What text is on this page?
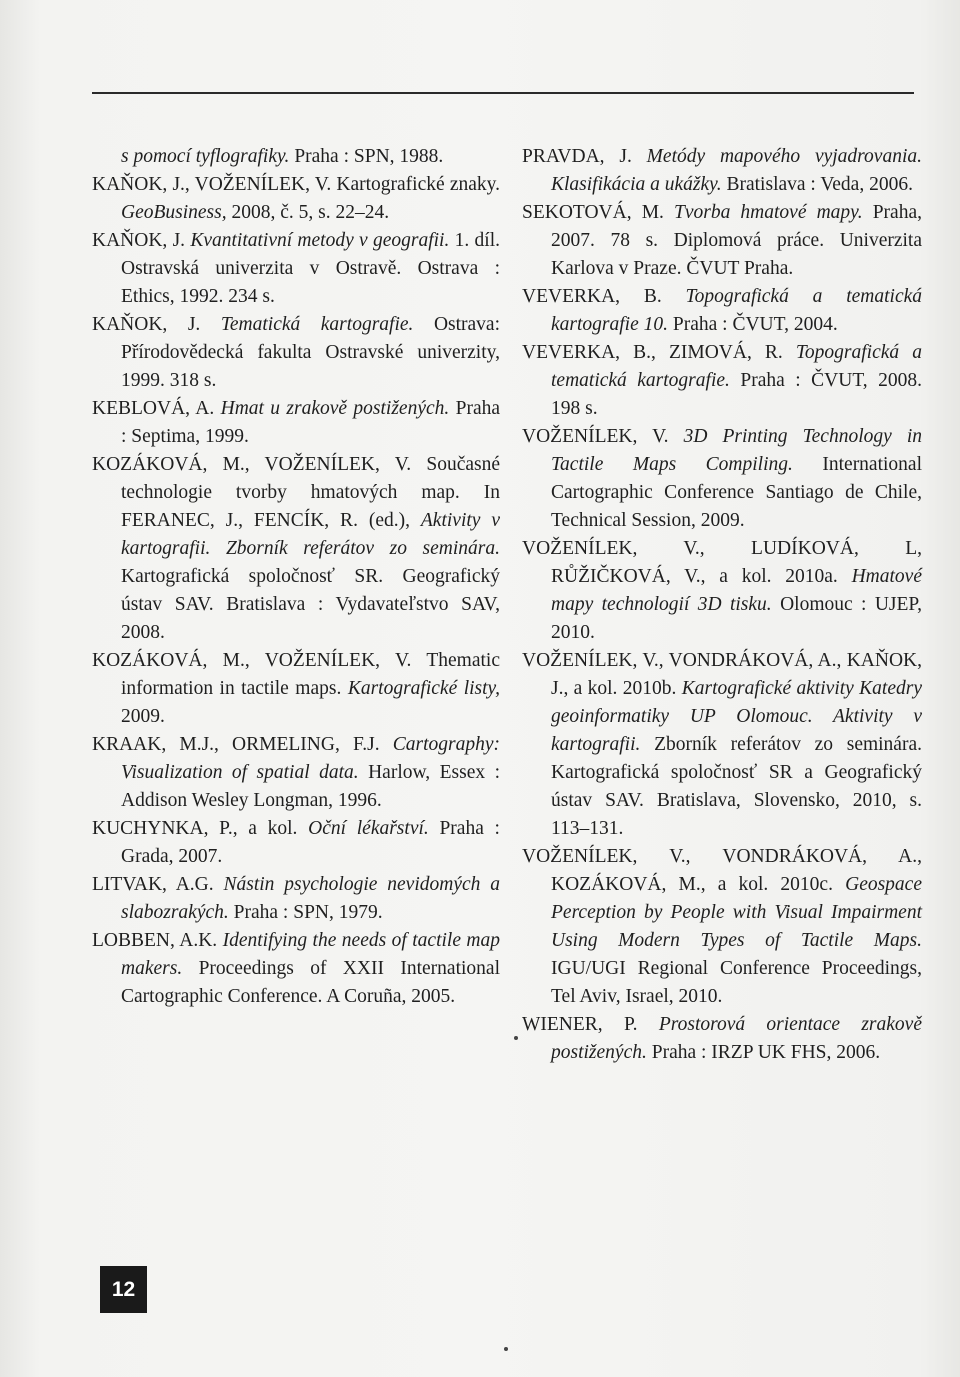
s pomocí tyflografiky. Praha : SPN, 1988.

KAŇOK, J., VOŽENÍLEK, V. Kartografické znaky. GeoBusiness, 2008, č. 5, s. 22–24.

KAŇOK, J. Kvantitativní metody v geografii. 1. díl. Ostravská univerzita v Ostravě. Ostrava : Ethics, 1992. 234 s.

KAŇOK, J. Tematická kartografie. Ostrava: Přírodovědecká fakulta Ostravské univerzity, 1999. 318 s.

KEBLOVÁ, A. Hmat u zrakově postižených. Praha : Septima, 1999.

KOZÁKOVÁ, M., VOŽENÍLEK, V. Současné technologie tvorby hmatových map. In FERANEC, J., FENCÍK, R. (ed.), Aktivity v kartografii. Zborník referátov zo seminára. Kartografická spoločnosť SR. Geografický ústav SAV. Bratislava : Vydavateľstvo SAV, 2008.

KOZÁKOVÁ, M., VOŽENÍLEK, V. Thematic information in tactile maps. Kartografické listy, 2009.

KRAAK, M.J., ORMELING, F.J. Cartography: Visualization of spatial data. Harlow, Essex : Addison Wesley Longman, 1996.

KUCHYNKA, P., a kol. Oční lékařství. Praha : Grada, 2007.

LITVAK, A.G. Nástin psychologie nevidomých a slabozrakých. Praha : SPN, 1979.

LOBBEN, A.K. Identifying the needs of tactile map makers. Proceedings of XXII International Cartographic Conference. A Coruña, 2005.

PRAVDA, J. Metódy mapového vyjadrovania. Klasifikácia a ukážky. Bratislava : Veda, 2006.

SEKOTOVÁ, M. Tvorba hmatové mapy. Praha, 2007. 78 s. Diplomová práce. Univerzita Karlova v Praze. ČVUT Praha.

VEVERKA, B. Topografická a tematická kartografie 10. Praha : ČVUT, 2004.

VEVERKA, B., ZIMOVÁ, R. Topografická a tematická kartografie. Praha : ČVUT, 2008. 198 s.

VOŽENÍLEK, V. 3D Printing Technology in Tactile Maps Compiling. International Cartographic Conference Santiago de Chile, Technical Session, 2009.

VOŽENÍLEK, V., LUDÍKOVÁ, L, RŮŽIČKOVÁ, V., a kol. 2010a. Hmatové mapy technologií 3D tisku. Olomouc : UJEP, 2010.

VOŽENÍLEK, V., VONDRÁKOVÁ, A., KAŇOK, J., a kol. 2010b. Kartografické aktivity Katedry geoinformatiky UP Olomouc. Aktivity v kartografii. Zborník referátov zo seminára. Kartografická spoločnosť SR a Geografický ústav SAV. Bratislava, Slovensko, 2010, s. 113–131.

VOŽENÍLEK, V., VONDRÁKOVÁ, A., KOZÁKOVÁ, M., a kol. 2010c. Geospace Perception by People with Visual Impairment Using Modern Types of Tactile Maps. IGU/UGI Regional Conference Proceedings, Tel Aviv, Israel, 2010.

WIENER, P. Prostorová orientace zrakově postižených. Praha : IRZP UK FHS, 2006.

12
